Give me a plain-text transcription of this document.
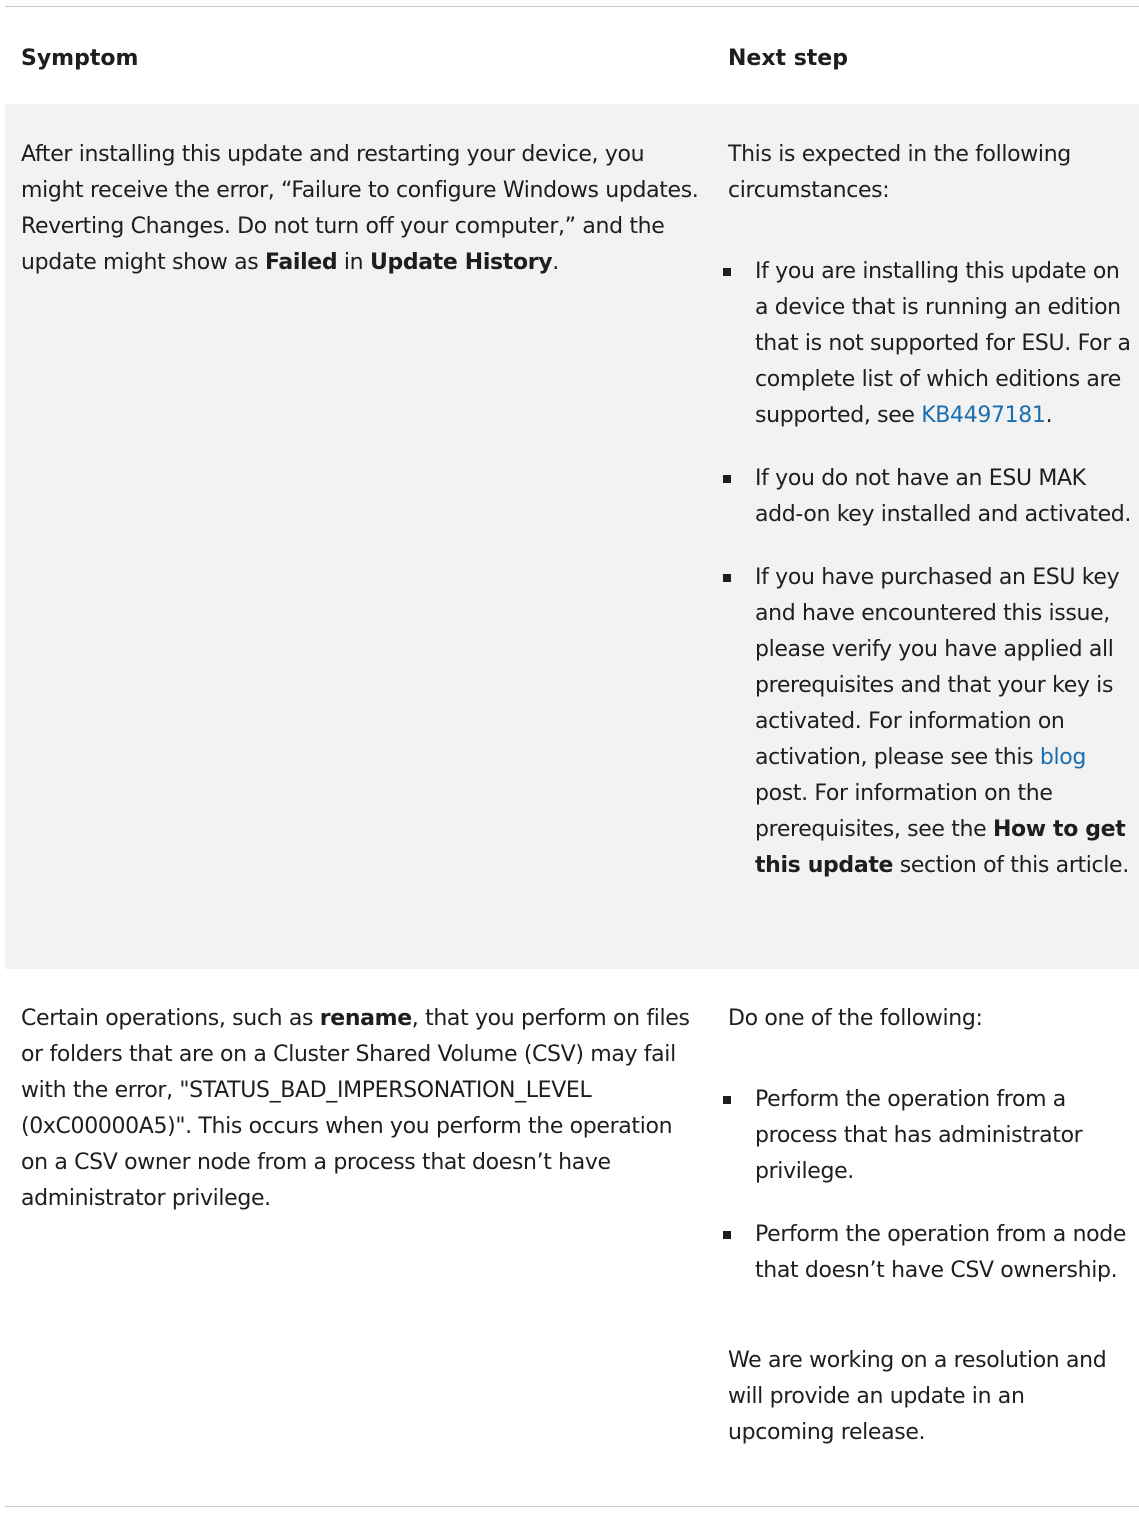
Symptom	Next step
After installing this update and restarting your device, you might receive the error, “Failure to configure Windows updates. Reverting Changes. Do not turn off your computer,” and the update might show as Failed in Update History.
This is expected in the following circumstances:
If you are installing this update on a device that is running an edition that is not supported for ESU. For a complete list of which editions are supported, see KB4497181.
If you do not have an ESU MAK add-on key installed and activated.
If you have purchased an ESU key and have encountered this issue, please verify you have applied all prerequisites and that your key is activated. For information on activation, please see this blog post. For information on the prerequisites, see the How to get this update section of this article.
Certain operations, such as rename, that you perform on files or folders that are on a Cluster Shared Volume (CSV) may fail with the error, "STATUS_BAD_IMPERSONATION_LEVEL (0xC00000A5)". This occurs when you perform the operation on a CSV owner node from a process that doesn’t have administrator privilege.
Do one of the following:
Perform the operation from a process that has administrator privilege.
Perform the operation from a node that doesn’t have CSV ownership.
We are working on a resolution and will provide an update in an upcoming release.
